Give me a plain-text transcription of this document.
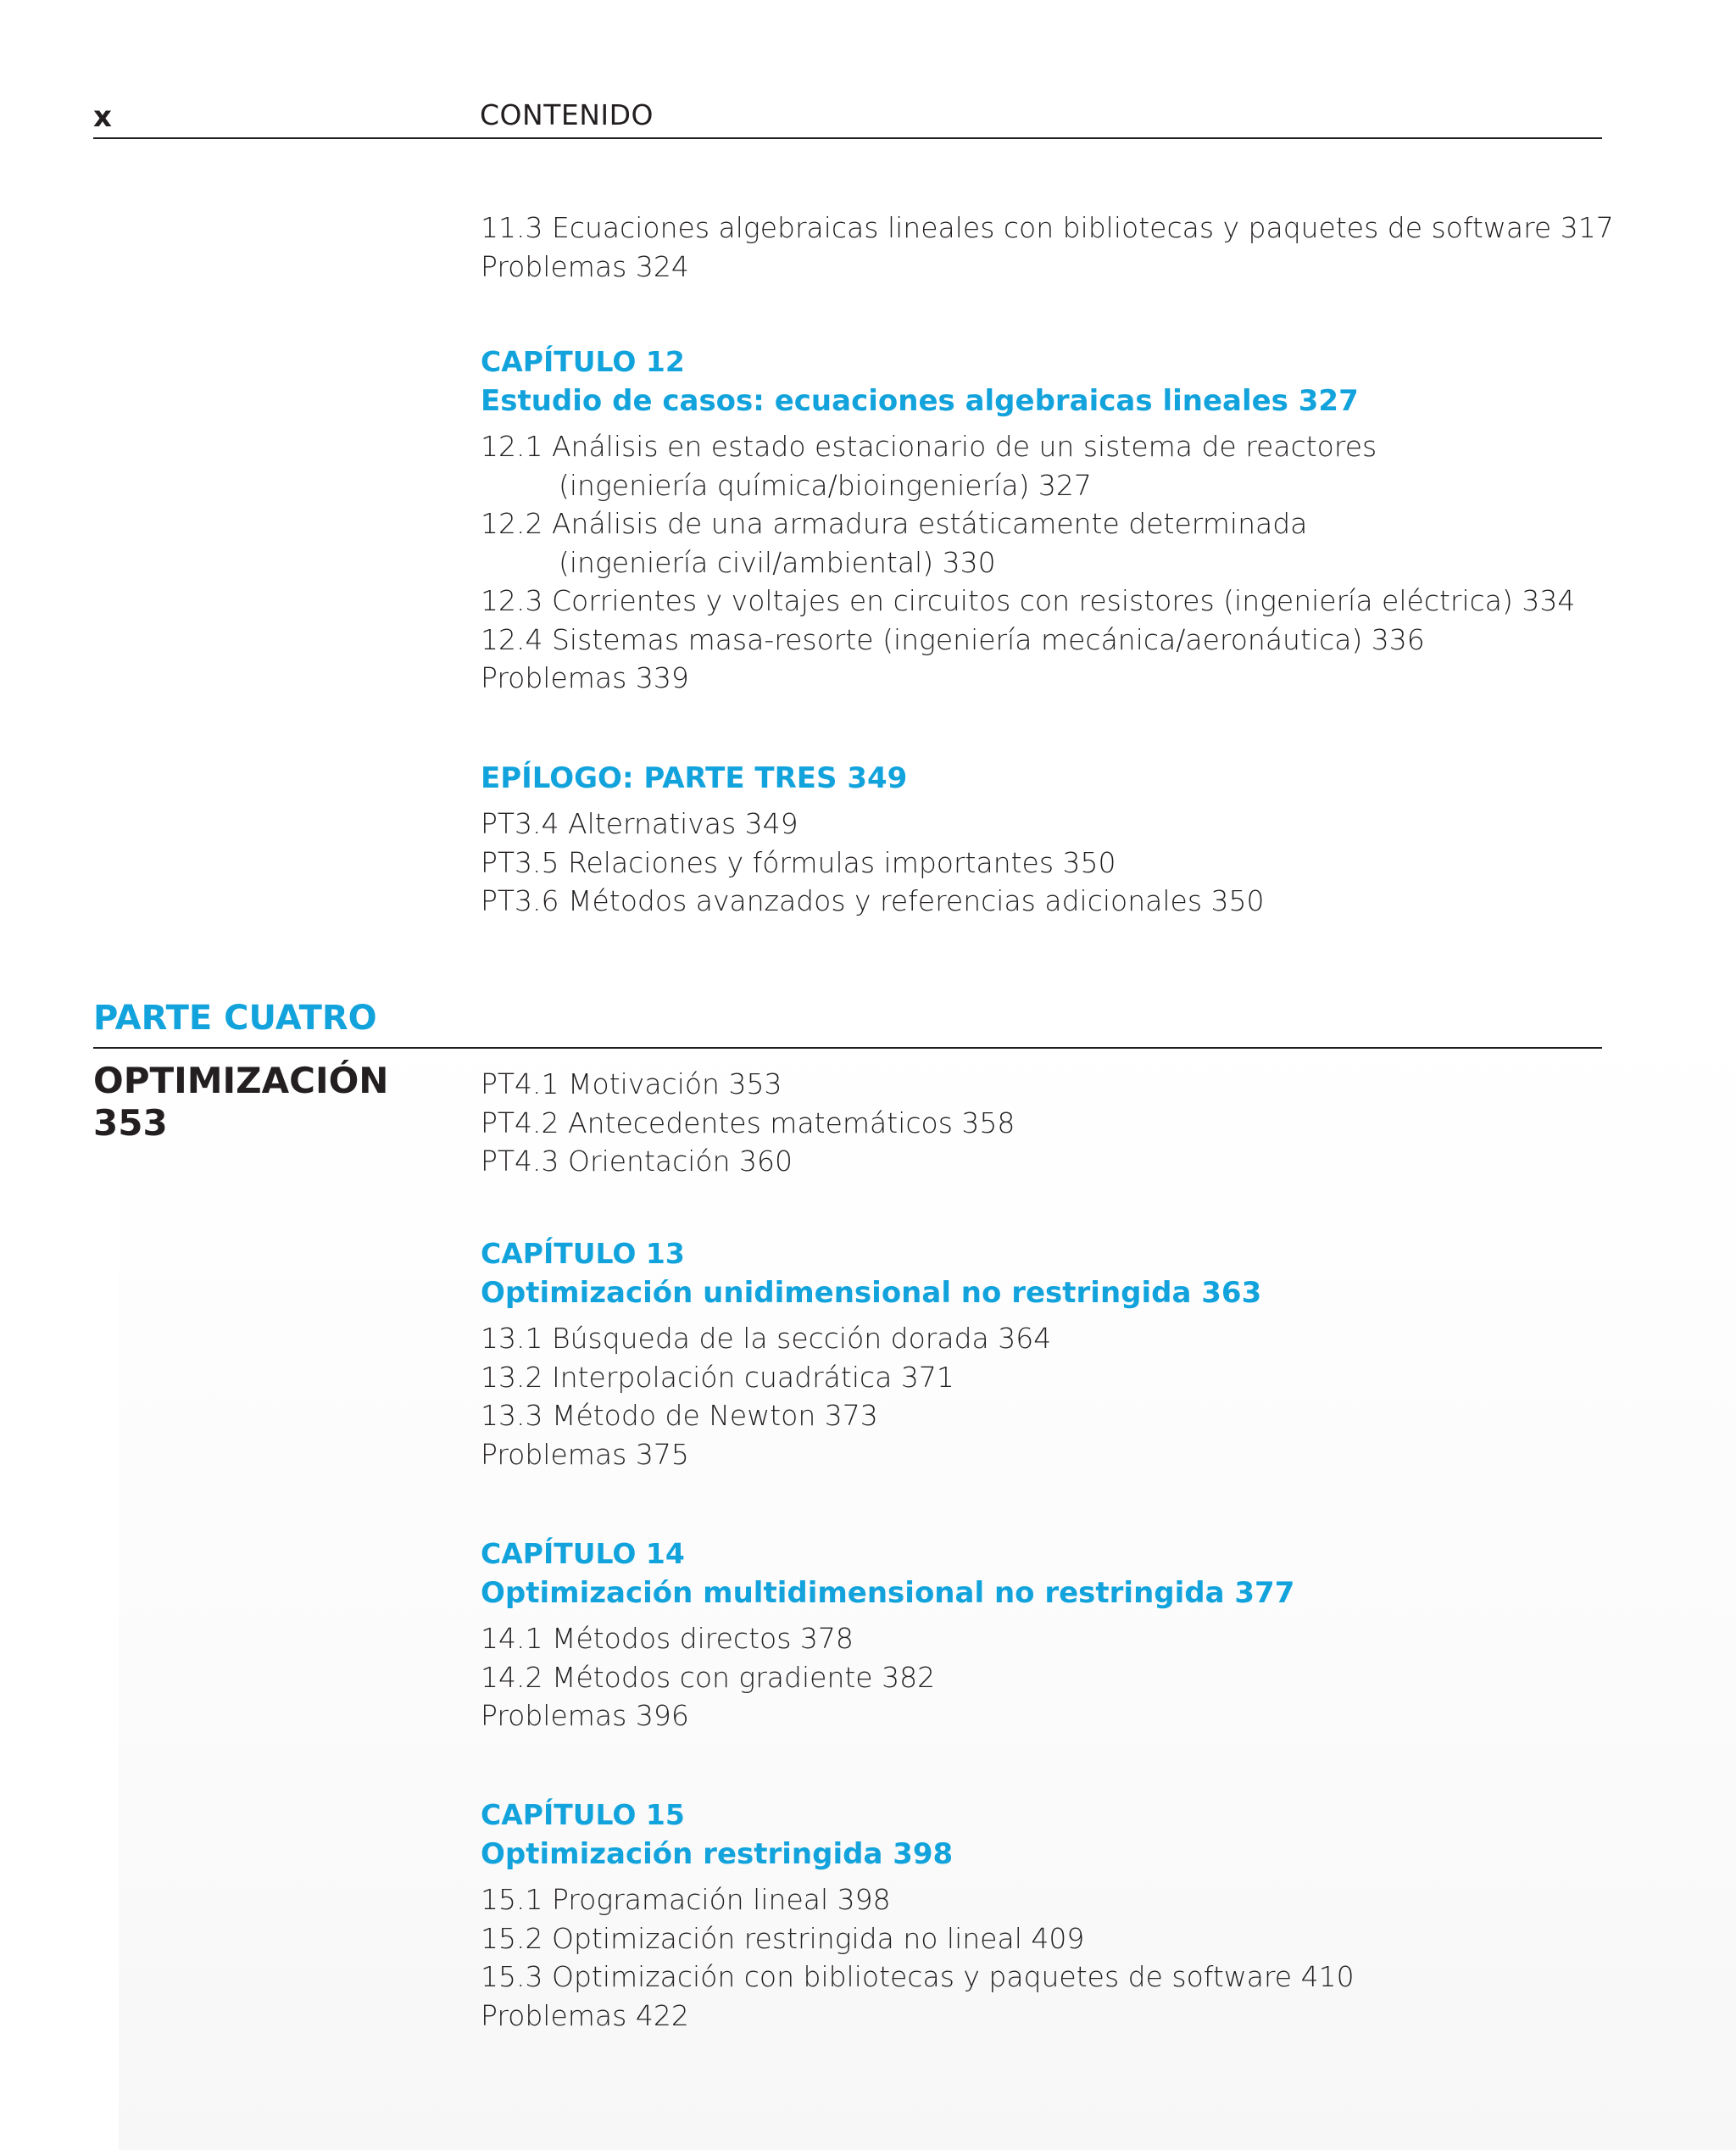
x	CONTENIDO
11.3 Ecuaciones algebraicas lineales con bibliotecas y paquetes de software 317
Problemas 324
CAPÍTULO 12
Estudio de casos: ecuaciones algebraicas lineales 327
12.1 Análisis en estado estacionario de un sistema de reactores
(ingeniería química/bioingeniería) 327
12.2 Análisis de una armadura estáticamente determinada
(ingeniería civil/ambiental) 330
12.3 Corrientes y voltajes en circuitos con resistores (ingeniería eléctrica) 334
12.4 Sistemas masa-resorte (ingeniería mecánica/aeronáutica) 336
Problemas 339
EPÍLOGO: PARTE TRES 349
PT3.4 Alternativas 349
PT3.5 Relaciones y fórmulas importantes 350
PT3.6 Métodos avanzados y referencias adicionales 350
PARTE CUATRO
OPTIMIZACIÓN
353
PT4.1 Motivación 353
PT4.2 Antecedentes matemáticos 358
PT4.3 Orientación 360
CAPÍTULO 13
Optimización unidimensional no restringida 363
13.1 Búsqueda de la sección dorada 364
13.2 Interpolación cuadrática 371
13.3 Método de Newton 373
Problemas 375
CAPÍTULO 14
Optimización multidimensional no restringida 377
14.1 Métodos directos 378
14.2 Métodos con gradiente 382
Problemas 396
CAPÍTULO 15
Optimización restringida 398
15.1 Programación lineal 398
15.2 Optimización restringida no lineal 409
15.3 Optimización con bibliotecas y paquetes de software 410
Problemas 422
